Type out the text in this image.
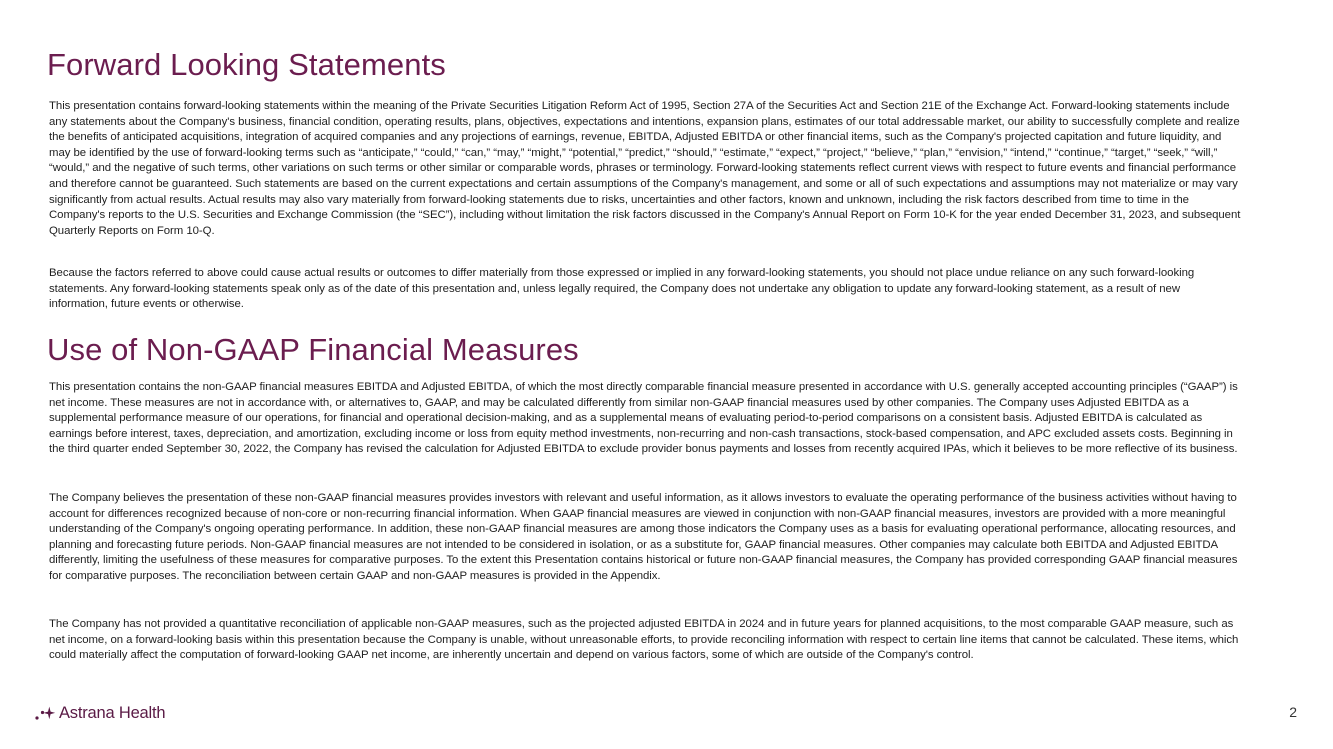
Forward Looking Statements

This presentation contains forward-looking statements within the meaning of the Private Securities Litigation Reform Act of 1995, Section 27A of the Securities Act and Section 21E of the Exchange Act. Forward-looking statements include any statements about the Company's business, financial condition, operating results, plans, objectives, expectations and intentions, expansion plans, estimates of our total addressable market, our ability to successfully complete and realize the benefits of anticipated acquisitions, integration of acquired companies and any projections of earnings, revenue, EBITDA, Adjusted EBITDA or other financial items, such as the Company's projected capitation and future liquidity, and may be identified by the use of forward-looking terms such as “anticipate,” “could,” “can,” “may,” “might,” “potential,” “predict,” “should,” “estimate,” “expect,” “project,” “believe,” “plan,” “envision,” “intend,” “continue,” “target,” “seek,” “will,” “would,” and the negative of such terms, other variations on such terms or other similar or comparable words, phrases or terminology. Forward-looking statements reflect current views with respect to future events and financial performance and therefore cannot be guaranteed. Such statements are based on the current expectations and certain assumptions of the Company's management, and some or all of such expectations and assumptions may not materialize or may vary significantly from actual results. Actual results may also vary materially from forward-looking statements due to risks, uncertainties and other factors, known and unknown, including the risk factors described from time to time in the Company's reports to the U.S. Securities and Exchange Commission (the “SEC”), including without limitation the risk factors discussed in the Company's Annual Report on Form 10-K for the year ended December 31, 2023, and subsequent Quarterly Reports on Form 10-Q.

Because the factors referred to above could cause actual results or outcomes to differ materially from those expressed or implied in any forward-looking statements, you should not place undue reliance on any such forward-looking statements. Any forward-looking statements speak only as of the date of this presentation and, unless legally required, the Company does not undertake any obligation to update any forward-looking statement, as a result of new information, future events or otherwise.

Use of Non-GAAP Financial Measures

This presentation contains the non-GAAP financial measures EBITDA and Adjusted EBITDA, of which the most directly comparable financial measure presented in accordance with U.S. generally accepted accounting principles (“GAAP”) is net income. These measures are not in accordance with, or alternatives to, GAAP, and may be calculated differently from similar non-GAAP financial measures used by other companies. The Company uses Adjusted EBITDA as a supplemental performance measure of our operations, for financial and operational decision-making, and as a supplemental means of evaluating period-to-period comparisons on a consistent basis. Adjusted EBITDA is calculated as earnings before interest, taxes, depreciation, and amortization, excluding income or loss from equity method investments, non-recurring and non-cash transactions, stock-based compensation, and APC excluded assets costs. Beginning in the third quarter ended September 30, 2022, the Company has revised the calculation for Adjusted EBITDA to exclude provider bonus payments and losses from recently acquired IPAs, which it believes to be more reflective of its business.

The Company believes the presentation of these non-GAAP financial measures provides investors with relevant and useful information, as it allows investors to evaluate the operating performance of the business activities without having to account for differences recognized because of non-core or non-recurring financial information. When GAAP financial measures are viewed in conjunction with non-GAAP financial measures, investors are provided with a more meaningful understanding of the Company's ongoing operating performance. In addition, these non-GAAP financial measures are among those indicators the Company uses as a basis for evaluating operational performance, allocating resources, and planning and forecasting future periods. Non-GAAP financial measures are not intended to be considered in isolation, or as a substitute for, GAAP financial measures. Other companies may calculate both EBITDA and Adjusted EBITDA differently, limiting the usefulness of these measures for comparative purposes. To the extent this Presentation contains historical or future non-GAAP financial measures, the Company has provided corresponding GAAP financial measures for comparative purposes. The reconciliation between certain GAAP and non-GAAP measures is provided in the Appendix.

The Company has not provided a quantitative reconciliation of applicable non-GAAP measures, such as the projected adjusted EBITDA in 2024 and in future years for planned acquisitions, to the most comparable GAAP measure, such as net income, on a forward-looking basis within this presentation because the Company is unable, without unreasonable efforts, to provide reconciling information with respect to certain line items that cannot be calculated. These items, which could materially affect the computation of forward-looking GAAP net income, are inherently uncertain and depend on various factors, some of which are outside of the Company's control.

Astrana Health	2
